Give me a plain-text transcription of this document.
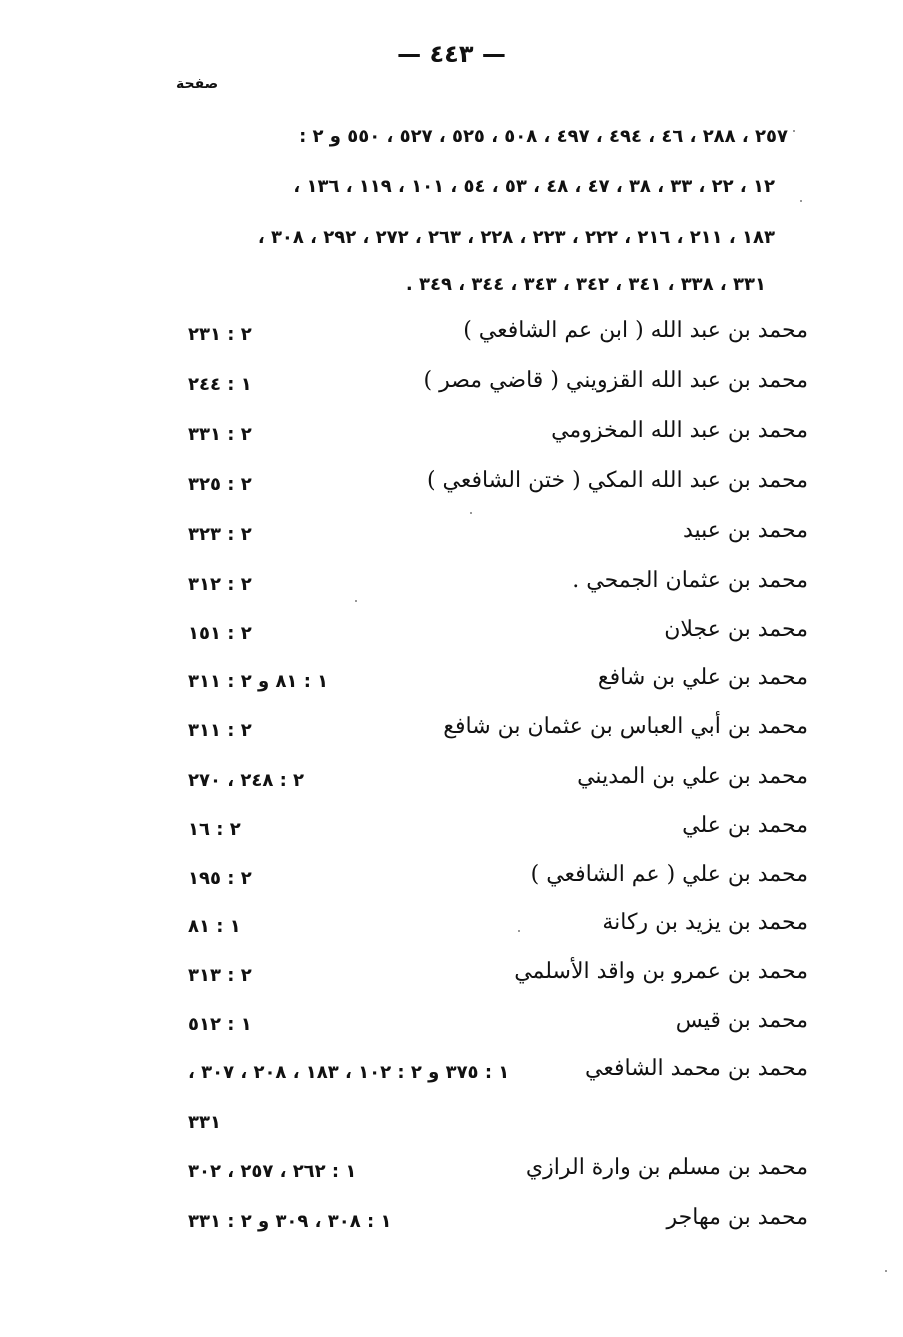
— ٤٤٣ —
صفحة
٢٥٧ ، ٢٨٨ ، ٤٦ ، ٤٩٤ ، ٤٩٧ ، ٥٠٨ ، ٥٢٥ ، ٥٢٧ ، ٥٥٠ و ٢ :
١٢ ، ٢٢ ، ٣٣ ، ٣٨ ، ٤٧ ، ٤٨ ، ٥٣ ، ٥٤ ، ١٠١ ، ١١٩ ، ١٣٦ ،
١٨٣ ، ٢١١ ، ٢١٦ ، ٢٢٢ ، ٢٢٣ ، ٢٢٨ ، ٢٦٣ ، ٢٧٢ ، ٢٩٢ ، ٣٠٨ ،
٣٣١ ، ٣٣٨ ، ٣٤١ ، ٣٤٢ ، ٣٤٣ ، ٣٤٤ ، ٣٤٩ .
محمد بن عبد الله ( ابن عم الشافعي )
٢ : ٢٣١
محمد بن عبد الله القزويني ( قاضي مصر )
١ : ٢٤٤
محمد بن عبد الله المخزومي
٢ : ٣٣١
محمد بن عبد الله المكي ( ختن الشافعي )
٢ : ٣٢٥
محمد بن عبيد
٢ : ٣٢٣
محمد بن عثمان الجمحي .
٢ : ٣١٢
محمد بن عجلان
٢ : ١٥١
محمد بن علي بن شافع
١ : ٨١ و ٢ : ٣١١
محمد بن أبي العباس بن عثمان بن شافع
٢ : ٣١١
محمد بن علي بن المديني
٢ : ٢٤٨ ، ٢٧٠
محمد بن علي
٢ : ١٦
محمد بن علي ( عم الشافعي )
٢ : ١٩٥
محمد بن يزيد بن ركانة
١ : ٨١
محمد بن عمرو بن واقد الأسلمي
٢ : ٣١٣
محمد بن قيس
١ : ٥١٢
محمد بن محمد الشافعي
١ : ٣٧٥ و ٢ : ١٠٢ ، ١٨٣ ، ٢٠٨ ، ٣٠٧ ،
٣٣١
محمد بن مسلم بن وارة الرازي
١ : ٢٦٢ ، ٢٥٧ ، ٣٠٢
محمد بن مهاجر
١ : ٣٠٨ ، ٣٠٩ و ٢ : ٣٣١
